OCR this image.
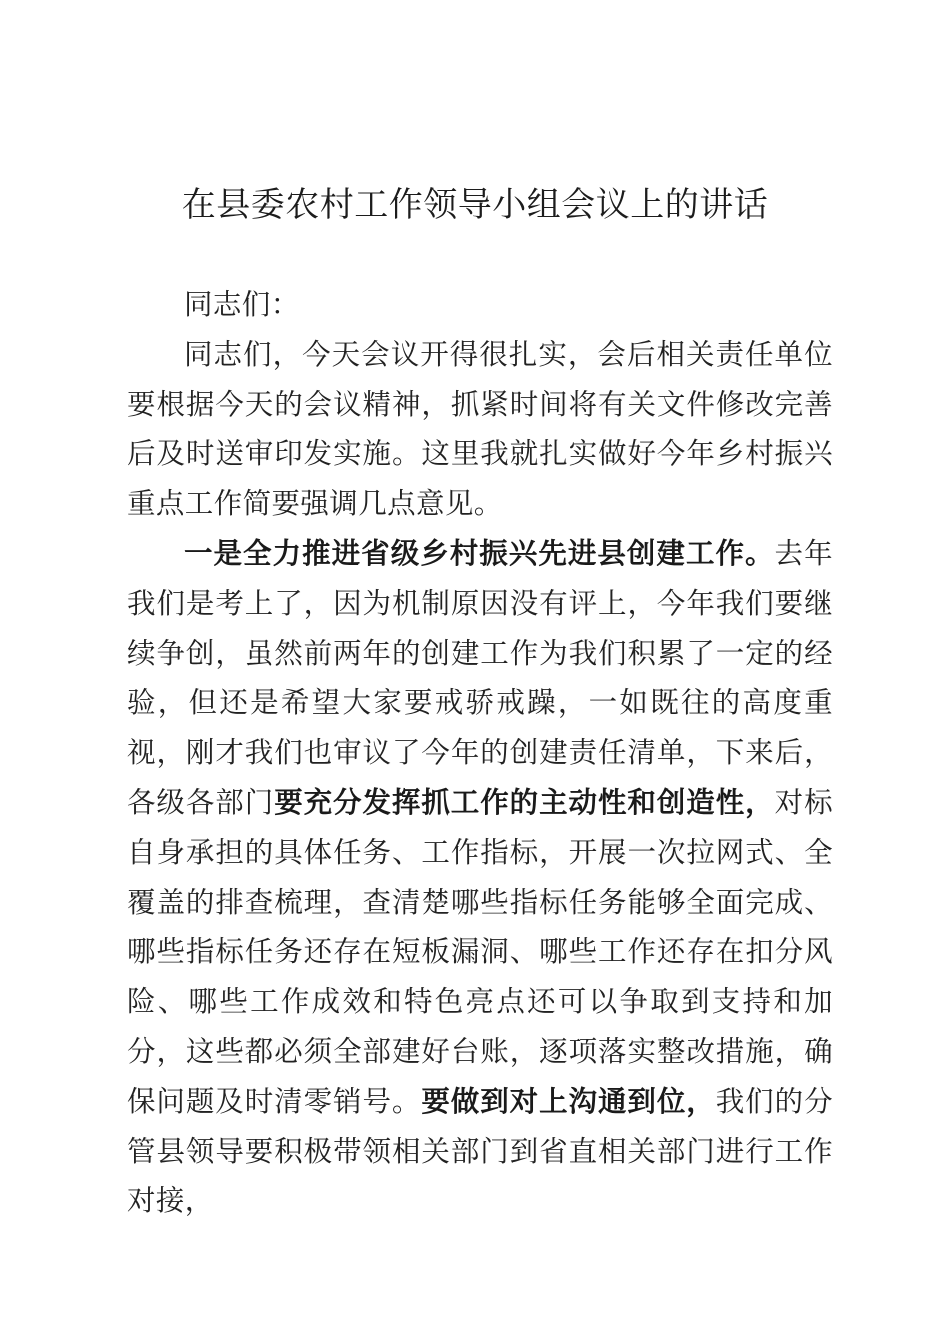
在县委农村工作领导小组会议上的讲话

同志们：

同志们，今天会议开得很扎实，会后相关责任单位要根据今天的会议精神，抓紧时间将有关文件修改完善后及时送审印发实施。这里我就扎实做好今年乡村振兴重点工作简要强调几点意见。

一是全力推进省级乡村振兴先进县创建工作。去年我们是考上了，因为机制原因没有评上，今年我们要继续争创，虽然前两年的创建工作为我们积累了一定的经验，但还是希望大家要戒骄戒躁，一如既往的高度重视，刚才我们也审议了今年的创建责任清单，下来后，各级各部门要充分发挥抓工作的主动性和创造性，对标自身承担的具体任务、工作指标，开展一次拉网式、全覆盖的排查梳理，查清楚哪些指标任务能够全面完成、哪些指标任务还存在短板漏洞、哪些工作还存在扣分风险、哪些工作成效和特色亮点还可以争取到支持和加分，这些都必须全部建好台账，逐项落实整改措施，确保问题及时清零销号。要做到对上沟通到位，我们的分管县领导要积极带领相关部门到省直相关部门进行工作对接，
